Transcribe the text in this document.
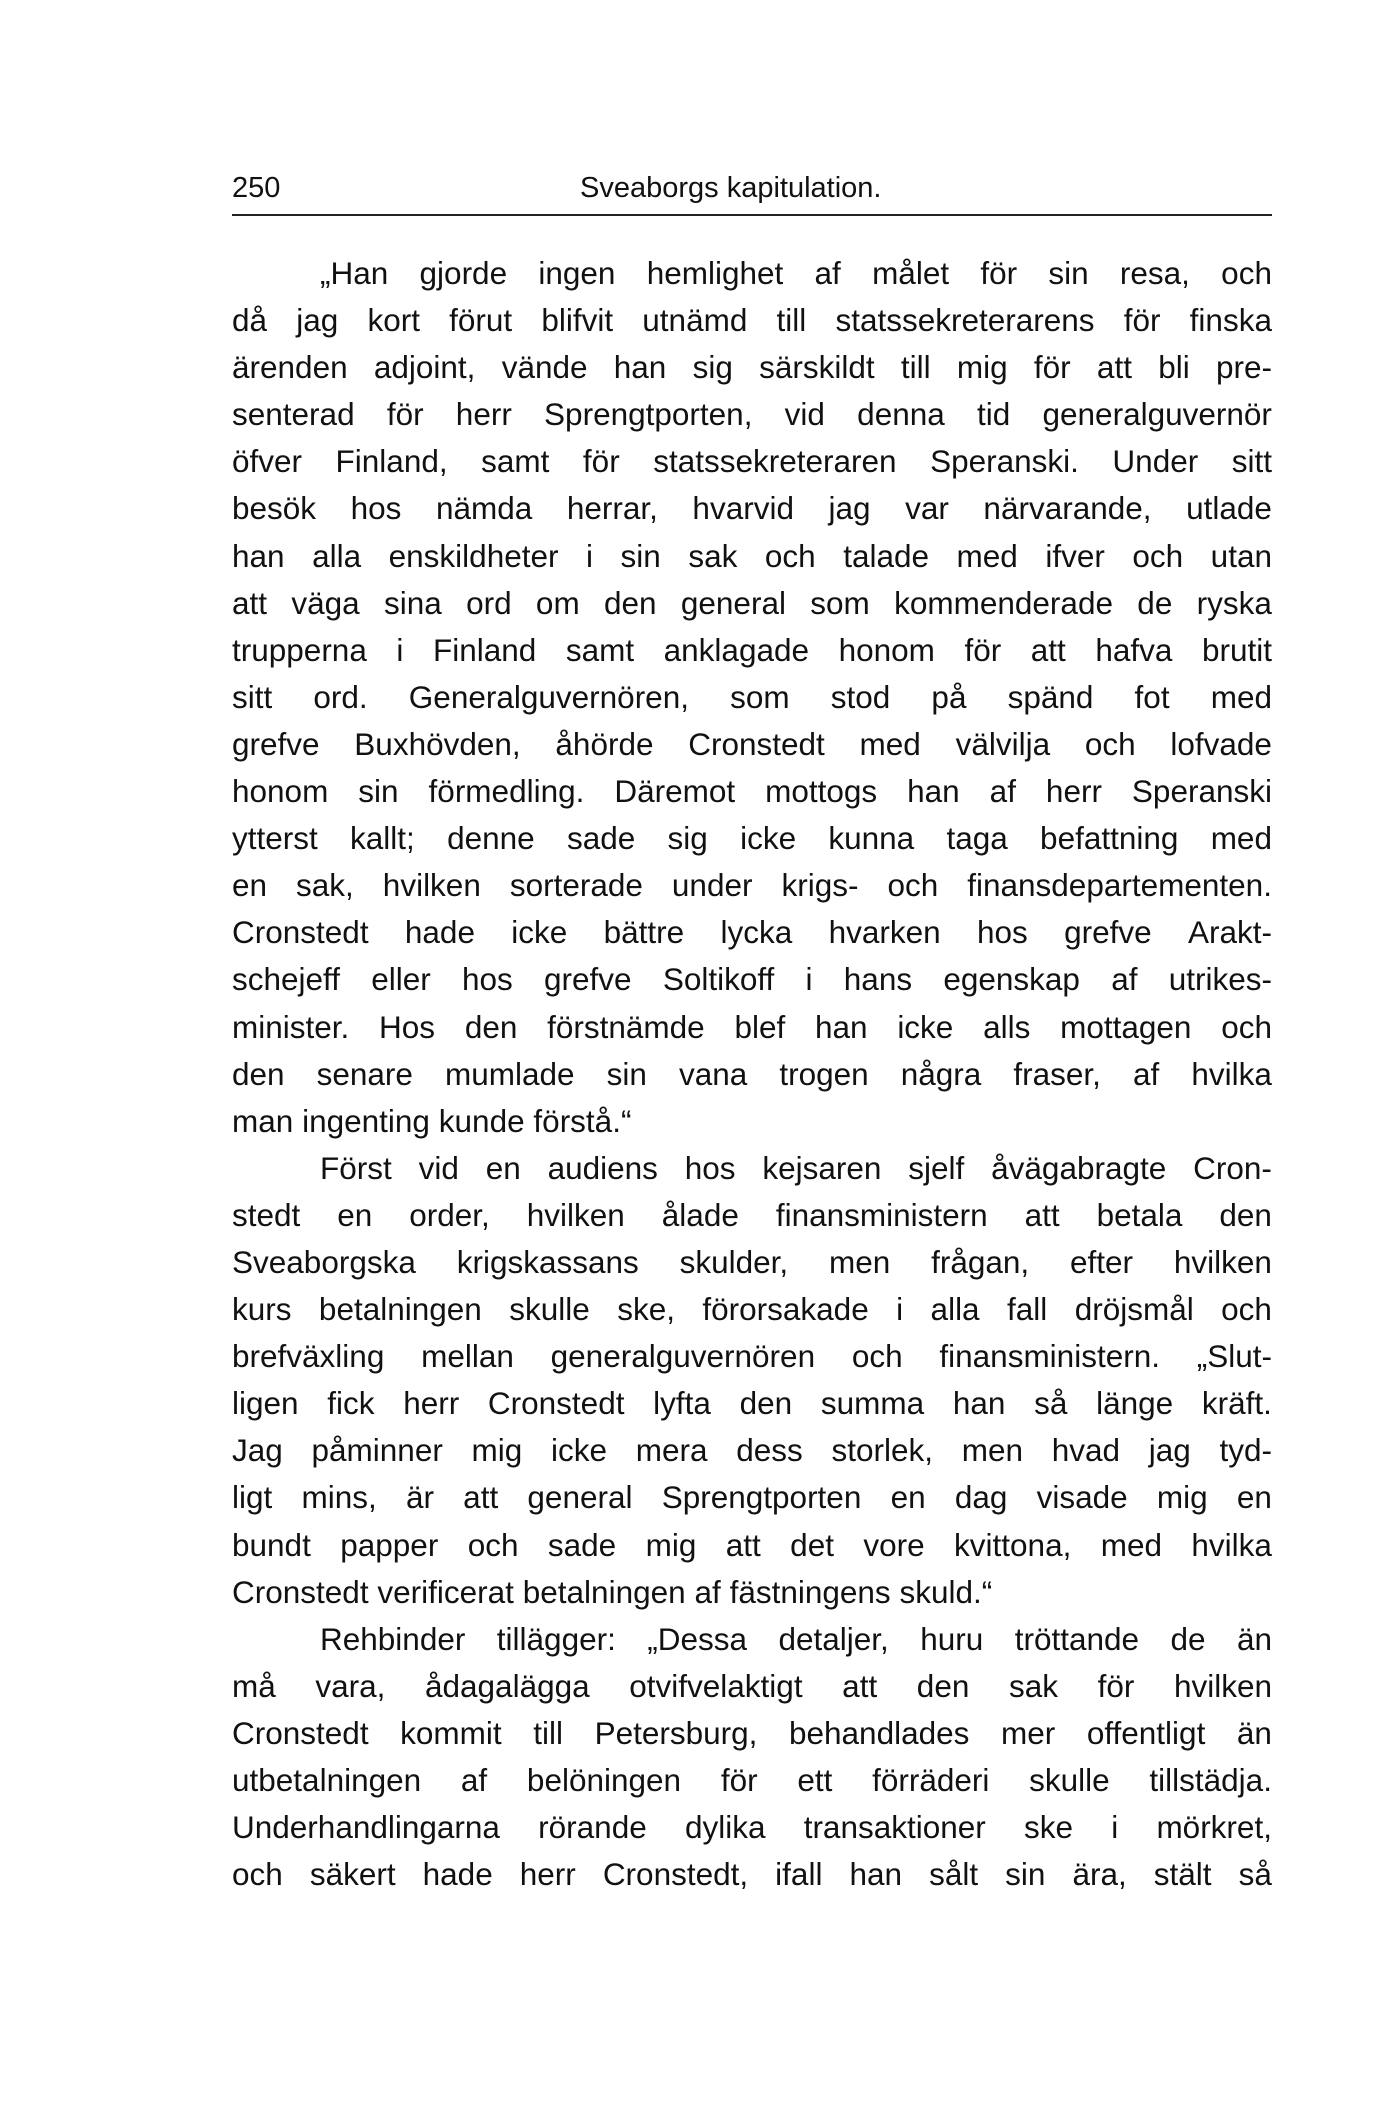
250	Sveaborgs kapitulation.
„Han gjorde ingen hemlighet af målet för sin resa, och
då jag kort förut blifvit utnämd till statssekreterarens för finska
ärenden adjoint, vände han sig särskildt till mig för att bli pre-
senterad för herr Sprengtporten, vid denna tid generalguvernör
öfver Finland, samt för statssekreteraren Speranski. Under sitt
besök hos nämda herrar, hvarvid jag var närvarande, utlade
han alla enskildheter i sin sak och talade med ifver och utan
att väga sina ord om den general som kommenderade de ryska
trupperna i Finland samt anklagade honom för att hafva brutit
sitt ord. Generalguvernören, som stod på spänd fot med
grefve Buxhövden, åhörde Cronstedt med välvilja och lofvade
honom sin förmedling. Däremot mottogs han af herr Speranski
ytterst kallt; denne sade sig icke kunna taga befattning med
en sak, hvilken sorterade under krigs- och finansdepartementen.
Cronstedt hade icke bättre lycka hvarken hos grefve Arakt-
schejeff eller hos grefve Soltikoff i hans egenskap af utrikes-
minister. Hos den förstnämde blef han icke alls mottagen och
den senare mumlade sin vana trogen några fraser, af hvilka
man ingenting kunde förstå.“
Först vid en audiens hos kejsaren sjelf åvägabragte Cron-
stedt en order, hvilken ålade finansministern att betala den
Sveaborgska krigskassans skulder, men frågan, efter hvilken
kurs betalningen skulle ske, förorsakade i alla fall dröjsmål och
brefväxling mellan generalguvernören och finansministern. „Slut-
ligen fick herr Cronstedt lyfta den summa han så länge kräft.
Jag påminner mig icke mera dess storlek, men hvad jag tyd-
ligt mins, är att general Sprengtporten en dag visade mig en
bundt papper och sade mig att det vore kvittona, med hvilka
Cronstedt verificerat betalningen af fästningens skuld.“
Rehbinder tillägger: „Dessa detaljer, huru tröttande de än
må vara, ådagalägga otvifvelaktigt att den sak för hvilken
Cronstedt kommit till Petersburg, behandlades mer offentligt än
utbetalningen af belöningen för ett förräderi skulle tillstädja.
Underhandlingarna rörande dylika transaktioner ske i mörkret,
och säkert hade herr Cronstedt, ifall han sålt sin ära, stält så
